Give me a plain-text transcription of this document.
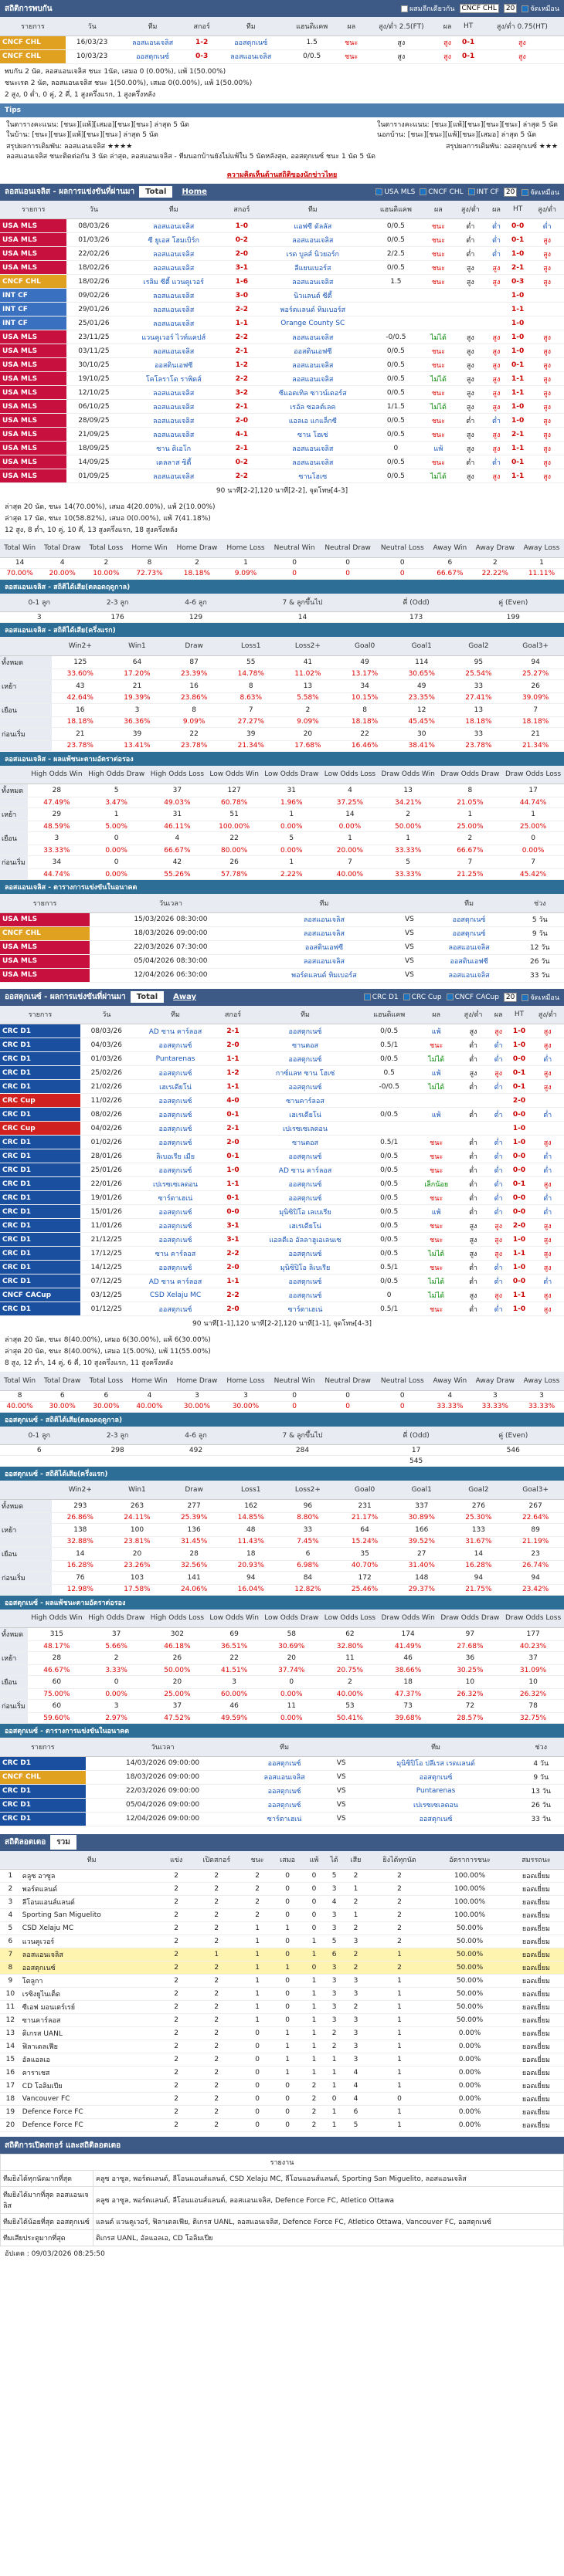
สถิติการพบกัน	ผสมลีกเดียวกัน	CNCF CHL	20	จัดเหมือน
รายการ	วัน	ทีม	สกอร์	ทีม	แฮนดิแคพ	ผล	สูง/ต่ำ 2.5(FT)	ผล	HT	สูง/ต่ำ 0.75(HT)
CNCF CHL	16/03/23	ลอสแอนเจลิส	1-2	ออสตุกเนซ์	1.5	ชนะ	สูง	สูง	0-1	สูง
CNCF CHL	10/03/23	ออสตุกเนซ์	0-3	ลอสแอนเจลิส	0/0.5	ชนะ	สูง	สูง	0-1	สูง
พบกัน 2 นัด, ลอสแอนเจลิส ชนะ 1นัด, เสมอ 0 (0.00%), แพ้ 1(50.00%)
ชนะเรต 2 นัด, ลอสแอนเจลิส ชนะ 1(50.00%), เสมอ 0(0.00%), แพ้ 1(50.00%)
2 สูง, 0 ต่ำ, 0 คู่, 2 คี่, 1 สูงครึ่งแรก, 1 สูงครึ่งหลัง
Tips
ในตารางคะแนน: [ชนะ][แพ้][เสมอ][ชนะ][ชนะ] ล่าสุด 5 นัด
ในบ้าน: [ชนะ][ชนะ][แพ้][ชนะ][ชนะ] ล่าสุด 5 นัด
ในตารางคะแนน: [ชนะ][แพ้][ชนะ][ชนะ][ชนะ] ล่าสุด 5 นัด
นอกบ้าน: [ชนะ][ชนะ][แพ้][ชนะ][เสมอ] ล่าสุด 5 นัด
สรุปผลการเดิมพัน: ลอสแอนเจลิส ★★★★	สรุปผลการเดิมพัน: ออสตุกเนซ์ ★★★
ลอสแอนเจลิส ชนะติดต่อกัน 3 นัด ล่าสุด, ลอสแอนเจลิส - ทีมนอกบ้านยังไม่แพ้ใน 5 นัดหลังสุด, ออสตุกเนซ์ ชนะ 1 นัด 5 นัด
ความคิดเห็นด้านสถิติของนักข่าวไทย
ลอสแอนเจลิส - ผลการแข่งขันที่ผ่านมา	Total	Home	USA MLS	CNCF CHL	INT CF	20	จัดเหมือน
รายการ	วัน	ทีม	สกอร์	ทีม	แฮนดิแคพ	ผล	สูง/ต่ำ	ผล	HT	สูง/ต่ำ
USA MLS	08/03/26	ลอสแอนเจลิส	1-0	แอฟซี ดัลลัส	0/0.5	ชนะ	ต่ำ	ต่ำ	0-0	ต่ำ
USA MLS	01/03/26	ซี ยูเอส โฮมเบิร์ก	0-2	ลอสแอนเจลิส	0/0.5	ชนะ	ต่ำ	ต่ำ	0-1	สูง
USA MLS	22/02/26	ลอสแอนเจลิส	2-0	เรด บูลส์ นิวยอร์ก	2/2.5	ชนะ	ต่ำ	ต่ำ	1-0	สูง
USA MLS	18/02/26	ลอสแอนเจลิส	3-1	ลีแยนเบอร์ส	0/0.5	ชนะ	สูง	สูง	2-1	สูง
CNCF CHL	18/02/26	เรลิม ซีตี้ แวนคูเวอร์	1-6	ลอสแอนเจลิส	1.5	ชนะ	สูง	สูง	0-3	สูง
INT CF	09/02/26	ลอสแอนเจลิส	3-0	นิวแลนด์ ซีตี้					1-0	
INT CF	29/01/26	ลอสแอนเจลิส	2-2	พอร์ตแลนด์ ทิมเบอร์ส					1-1	
INT CF	25/01/26	ลอสแอนเจลิส	1-1	Orange County SC					1-0	
USA MLS	23/11/25	แวนคูเวอร์ ไวท์แคปส์	2-2	ลอสแอนเจลิส	-0/0.5	ไม่ได้	สูง	สูง	1-0	สูง
USA MLS	03/11/25	ลอสแอนเจลิส	2-1	ออสตินเอฟซี	0/0.5	ชนะ	สูง	สูง	1-0	สูง
USA MLS	30/10/25	ออสตินเอฟซี	1-2	ลอสแอนเจลิส	0/0.5	ชนะ	สูง	สูง	0-1	สูง
USA MLS	19/10/25	โคโลราโด ราพิดส์	2-2	ลอสแอนเจลิส	0/0.5	ไม่ได้	สูง	สูง	1-1	สูง
USA MLS	12/10/25	ลอสแอนเจลิส	3-2	ซีแอตเทิล ซาวน์เดอร์ส	0/0.5	ชนะ	สูง	สูง	1-1	สูง
USA MLS	06/10/25	ลอสแอนเจลิส	2-1	เรอัล ซอลต์เลค	1/1.5	ไม่ได้	สูง	สูง	1-0	สูง
USA MLS	28/09/25	ลอสแอนเจลิส	2-0	แอลเอ แกแล็กซี	0/0.5	ชนะ	ต่ำ	ต่ำ	1-0	สูง
USA MLS	21/09/25	ลอสแอนเจลิส	4-1	ซาน โฮเซ่	0/0.5	ชนะ	สูง	สูง	2-1	สูง
USA MLS	18/09/25	ซาน ดิเอโก	2-1	ลอสแอนเจลิส	0	แพ้	สูง	สูง	1-1	สูง
USA MLS	14/09/25	เดลลาส ซิตี้	0-2	ลอสแอนเจลิส	0/0.5	ชนะ	ต่ำ	ต่ำ	0-1	สูง
USA MLS	01/09/25	ลอสแอนเจลิส	2-2	ซานโฮเซ	0/0.5	ไม่ได้	สูง	สูง	1-1	สูง
90 นาที[2-2],120 นาที[2-2], จุดโทษ[4-3]
ล่าสุด 20 นัด, ชนะ 14(70.00%), เสมอ 4(20.00%), แพ้ 2(10.00%)
ล่าสุด 17 นัด, ชนะ 10(58.82%), เสมอ 0(0.00%), แพ้ 7(41.18%)
12 สูง, 8 ต่ำ, 10 คู่, 10 คี่, 13 สูงครึ่งแรก, 18 สูงครึ่งหลัง
Total Win	Total Draw	Total Loss	Home Win	Home Draw	Home Loss	Neutral Win	Neutral Draw	Neutral Loss	Away Win	Away Draw	Away Loss
14	4	2	8	2	1	0	0	0	6	2	1
70.00%	20.00%	10.00%	72.73%	18.18%	9.09%	0	0	0	66.67%	22.22%	11.11%
ลอสแอนเจลิส - สถิติได้เสีย(ตลอดฤดูกาล)
0-1 ลูก	2-3 ลูก	4-6 ลูก	7 & ลูกขึ้นไป	คี่ (Odd)	คู่ (Even)
3	176	129	14	173	199
ลอสแอนเจลิส - สถิติได้เสีย(ครึ่งแรก)
	Win2+	Win1	Draw	Loss1	Loss2+	Goal0	Goal1	Goal2	Goal3+
ทั้งหมด	125	64	87	55	41	49	114	95	94
	33.60%	17.20%	23.39%	14.78%	11.02%	13.17%	30.65%	25.54%	25.27%
เหย้า	43	21	16	8	13	34	49	33	26
	42.64%	19.39%	23.86%	8.63%	5.58%	10.15%	23.35%	27.41%	39.09%
เยือน	16	3	8	7	2	8	12	13	7
	18.18%	36.36%	9.09%	27.27%	9.09%	18.18%	45.45%	18.18%	18.18%
ก่อนเริ่ม	21	39	22	39	20	22	30	33	21
	23.78%	13.41%	23.78%	21.34%	17.68%	16.46%	38.41%	23.78%	21.34%
ลอสแอนเจลิส - ผลแพ้ชนะตามอัตราต่อรอง
	High Odds Win	High Odds Draw	High Odds Loss	Low Odds Win	Low Odds Draw	Low Odds Loss	Draw Odds Win	Draw Odds Draw	Draw Odds Loss
ทั้งหมด	28	5	37	127	31	4	13	8	17
	47.49%	3.47%	49.03%	60.78%	1.96%	37.25%	34.21%	21.05%	44.74%
เหย้า	29	1	31	51	1	14	2	1	1
	48.59%	5.00%	46.11%	100.00%	0.00%	0.00%	50.00%	25.00%	25.00%
เยือน	3	0	4	22	5	1	1	2	0
	33.33%	0.00%	66.67%	80.00%	0.00%	20.00%	33.33%	66.67%	0.00%
ก่อนเริ่ม	34	0	42	26	1	7	5	7	7
	44.74%	0.00%	55.26%	57.78%	2.22%	40.00%	33.33%	21.25%	45.42%
ลอสแอนเจลิส - ตารางการแข่งขันในอนาคต
รายการ	วันเวลา	ทีม		ทีม	ช่วง
USA MLS	15/03/2026 08:30:00	ลอสแอนเจลิส	VS	ออสตุกเนซ์	5 วัน
CNCF CHL	18/03/2026 09:00:00	ลอสแอนเจลิส	VS	ออสตุกเนซ์	9 วัน
USA MLS	22/03/2026 07:30:00	ออสตินเอฟซี	VS	ลอสแอนเจลิส	12 วัน
USA MLS	05/04/2026 08:30:00	ลอสแอนเจลิส	VS	ออสตินเอฟซี	26 วัน
USA MLS	12/04/2026 06:30:00	พอร์ตแลนด์ ทิมเบอร์ส	VS	ลอสแอนเจลิส	33 วัน
ออสตุกเนซ์ - ผลการแข่งขันที่ผ่านมา	Total	Away	CRC D1	CRC Cup	CNCF CACup	20	จัดเหมือน
รายการ	วัน	ทีม	สกอร์	ทีม	แฮนดิแคพ	ผล	สูง/ต่ำ	ผล	HT	สูง/ต่ำ
CRC D1	08/03/26	AD ซาน คาร์ลอส	2-1	ออสตุกเนซ์	0/0.5	แพ้	สูง	สูง	1-0	สูง
CRC D1	04/03/26	ออสตุกเนซ์	2-0	ซานตอส	0.5/1	ชนะ	ต่ำ	ต่ำ	1-0	สูง
CRC D1	01/03/26	Puntarenas	1-1	ออสตุกเนซ์	0/0.5	ไม่ได้	ต่ำ	ต่ำ	0-0	ต่ำ
CRC D1	25/02/26	ออสตุกเนซ์	1-2	กาซ์แลท ซาน โฮเซ่	0.5	แพ้	สูง	สูง	0-1	สูง
CRC D1	21/02/26	เฮเรเดียโน่	1-1	ออสตุกเนซ์	-0/0.5	ไม่ได้	ต่ำ	ต่ำ	0-1	สูง
CRC Cup	11/02/26	ออสตุกเนซ์	4-0	ซานคาร์ลอส					2-0	
CRC D1	08/02/26	ออสตุกเนซ์	0-1	เฮเรเดียโน่	0/0.5	แพ้	ต่ำ	ต่ำ	0-0	ต่ำ
CRC Cup	04/02/26	ออสตุกเนซ์	2-1	เปเรซเซเลดอน					1-0	
CRC D1	01/02/26	ออสตุกเนซ์	2-0	ซานตอส	0.5/1	ชนะ	ต่ำ	ต่ำ	1-0	สูง
CRC D1	28/01/26	ลิเบอเรีย เมีย	0-1	ออสตุกเนซ์	0/0.5	ชนะ	ต่ำ	ต่ำ	0-0	ต่ำ
CRC D1	25/01/26	ออสตุกเนซ์	1-0	AD ซาน คาร์ลอส	0/0.5	ชนะ	ต่ำ	ต่ำ	0-0	ต่ำ
CRC D1	22/01/26	เปเรซเซเลดอน	1-1	ออสตุกเนซ์	0/0.5	เล็กน้อย	ต่ำ	ต่ำ	0-1	สูง
CRC D1	19/01/26	ซาร์ตาเฮเน่	0-1	ออสตุกเนซ์	0/0.5	ชนะ	ต่ำ	ต่ำ	0-0	ต่ำ
CRC D1	15/01/26	ออสตุกเนซ์	0-0	มุนิซิปิโอ เลเบเรีย	0/0.5	แพ้	ต่ำ	ต่ำ	0-0	ต่ำ
CRC D1	11/01/26	ออสตุกเนซ์	3-1	เฮเรเดียโน่	0/0.5	ชนะ	สูง	สูง	2-0	สูง
CRC D1	21/12/25	ออสตุกเนซ์	3-1	แอลดีเอ อัลลาฮูเอเลนเซ	0/0.5	ชนะ	สูง	สูง	1-0	สูง
CRC D1	17/12/25	ซาน คาร์ลอส	2-2	ออสตุกเนซ์	0/0.5	ไม่ได้	สูง	สูง	1-1	สูง
CRC D1	14/12/25	ออสตุกเนซ์	2-0	มุนิซิปิโอ ลิเบเรีย	0.5/1	ชนะ	ต่ำ	ต่ำ	1-0	สูง
CRC D1	07/12/25	AD ซาน คาร์ลอส	1-1	ออสตุกเนซ์	0/0.5	ไม่ได้	ต่ำ	ต่ำ	0-0	ต่ำ
CNCF CACup	03/12/25	CSD Xelaju MC	2-2	ออสตุกเนซ์	0	ไม่ได้	สูง	สูง	1-1	สูง
CRC D1	01/12/25	ออสตุกเนซ์	2-0	ซาร์ตาเฮเน่	0.5/1	ชนะ	ต่ำ	ต่ำ	1-0	สูง
90 นาที[1-1],120 นาที[2-2],120 นาที[1-1], จุดโทษ[4-3]
ล่าสุด 20 นัด, ชนะ 8(40.00%), เสมอ 6(30.00%), แพ้ 6(30.00%)
ล่าสุด 20 นัด, ชนะ 8(40.00%), เสมอ 1(5.00%), แพ้ 11(55.00%)
8 สูง, 12 ต่ำ, 14 คู่, 6 คี่, 10 สูงครึ่งแรก, 11 สูงครึ่งหลัง
Total Win	Total Draw	Total Loss	Home Win	Home Draw	Home Loss	Neutral Win	Neutral Draw	Neutral Loss	Away Win	Away Draw	Away Loss
8	6	6	4	3	3	0	0	0	4	3	3
40.00%	30.00%	30.00%	40.00%	30.00%	30.00%	0	0	0	33.33%	33.33%	33.33%
ออสตุกเนซ์ - สถิติได้เสีย(ตลอดฤดูกาล)
0-1 ลูก	2-3 ลูก	4-6 ลูก	7 & ลูกขึ้นไป	คี่ (Odd)	คู่ (Even)
6	298	492	284	17	546
				545	
ออสตุกเนซ์ - สถิติได้เสีย(ครึ่งแรก)
	Win2+	Win1	Draw	Loss1	Loss2+	Goal0	Goal1	Goal2	Goal3+
ทั้งหมด	293	263	277	162	96	231	337	276	267
	26.86%	24.11%	25.39%	14.85%	8.80%	21.17%	30.89%	25.30%	22.64%
เหย้า	138	100	136	48	33	64	166	133	89
	32.88%	23.81%	31.45%	11.43%	7.45%	15.24%	39.52%	31.67%	21.19%
เยือน	14	20	28	18	6	35	27	14	23
	16.28%	23.26%	32.56%	20.93%	6.98%	40.70%	31.40%	16.28%	26.74%
ก่อนเริ่ม	76	103	141	94	84	172	148	94	94
	12.98%	17.58%	24.06%	16.04%	12.82%	25.46%	29.37%	21.75%	23.42%
ออสตุกเนซ์ - ผลแพ้ชนะตามอัตราต่อรอง
	High Odds Win	High Odds Draw	High Odds Loss	Low Odds Win	Low Odds Draw	Low Odds Loss	Draw Odds Win	Draw Odds Draw	Draw Odds Loss
ทั้งหมด	315	37	302	69	58	62	174	97	177
	48.17%	5.66%	46.18%	36.51%	30.69%	32.80%	41.49%	27.68%	40.23%
เหย้า	28	2	26	22	20	11	46	36	37
	46.67%	3.33%	50.00%	41.51%	37.74%	20.75%	38.66%	30.25%	31.09%
เยือน	60	0	20	3	0	2	18	10	10
	75.00%	0.00%	25.00%	60.00%	0.00%	40.00%	47.37%	26.32%	26.32%
ก่อนเริ่ม	60	3	37	46	11	53	73	72	78
	59.60%	2.97%	47.52%	49.59%	0.00%	50.41%	39.68%	28.57%	32.75%
ออสตุกเนซ์ - ตารางการแข่งขันในอนาคต
รายการ	วันเวลา	ทีม		ทีม	ช่วง
CRC D1	14/03/2026 09:00:00	ออสตุกเนซ์	VS	มุนิซิปิโอ ปลีเรส เรดแลนด์	4 วัน
CNCF CHL	18/03/2026 09:00:00	ลอสแอนเจลิส	VS	ออสตุกเนซ์	9 วัน
CRC D1	22/03/2026 09:00:00	ออสตุกเนซ์	VS	Puntarenas	13 วัน
CRC D1	05/04/2026 09:00:00	ออสตุกเนซ์	VS	เปเรซเซเลดอน	26 วัน
CRC D1	12/04/2026 09:00:00	ซาร์ตาเฮเน่	VS	ออสตุกเนซ์	33 วัน
สถิติลอตเตอ	รวม
	ทีม	แข่ง	เปิดสกอร์	ชนะ	เสมอ	แพ้	ได้	เสีย	ยิงได้ทุกนัด	อัตราการชนะ	สมรรถนะ
1	คลูซ อาซูล	2	2	2	0	0	5	2	2	100.00%	ยอดเยี่ยม
2	พอร์ตแลนด์	2	2	2	0	0	3	1	2	100.00%	ยอดเยี่ยม
3	ลีโอนแอนส์แลนด์	2	2	2	0	0	4	2	2	100.00%	ยอดเยี่ยม
4	Sporting San Miguelito	2	2	2	0	0	3	1	2	100.00%	ยอดเยี่ยม
5	CSD Xelaju MC	2	2	1	1	0	3	2	2	50.00%	ยอดเยี่ยม
6	แวนคูเวอร์	2	2	1	0	1	5	3	2	50.00%	ยอดเยี่ยม
7	ลอสแอนเจลิส	2	1	1	0	1	6	2	1	50.00%	ยอดเยี่ยม
8	ออสตุกเนซ์	2	2	1	1	0	3	2	2	50.00%	ยอดเยี่ยม
9	โตลูกา	2	2	1	0	1	3	3	1	50.00%	ยอดเยี่ยม
10	เรซิงยูไนเต็ด	2	2	1	0	1	3	3	1	50.00%	ยอดเยี่ยม
11	ซีเอฟ มอนเตร์เรย์	2	2	1	0	1	3	2	1	50.00%	ยอดเยี่ยม
12	ซานคาร์ลอส	2	2	1	0	1	3	3	1	50.00%	ยอดเยี่ยม
13	ติเกรส UANL	2	2	0	1	1	2	3	1	0.00%	ยอดเยี่ยม
14	ฟิลาเดลเฟีย	2	2	0	1	1	2	3	1	0.00%	ยอดเยี่ยม
15	อัลแอลเอ	2	2	0	1	1	1	3	1	0.00%	ยอดเยี่ยม
16	คาราเชส	2	2	0	1	1	1	4	1	0.00%	ยอดเยี่ยม
17	CD โอลิมเปีย	2	2	0	0	2	1	4	1	0.00%	ยอดเยี่ยม
18	Vancouver FC	2	2	0	0	2	0	4	0	0.00%	ยอดเยี่ยม
19	Defence Force FC	2	2	0	0	2	1	6	1	0.00%	ยอดเยี่ยม
20	Defence Force FC	2	2	0	0	2	1	5	1	0.00%	ยอดเยี่ยม
สถิติการเปิดสกอร์ และสถิติลอตเตอ
รายงาน	
ทีมยิงได้ทุกนัดมากที่สุด	คลูซ อาซูล, พอร์ตแลนด์, ลีโอนแอนส์แลนด์, CSD Xelaju MC, ลีโอนแอนส์แลนด์, Sporting San Miguelito, ลอสแอนเจลิส
ทีมยิงได้มากที่สุด ลอสแอนเจลิส	คลูซ อาซูล, พอร์ตแลนด์, ลีโอนแอนส์แลนด์, ลอสแอนเจลิส, Defence Force FC, Atletico Ottawa
ทีมยิงได้น้อยที่สุด ออสตุกเนซ์	แลนด์ แวนคูเวอร์, ฟิลาเดลเฟีย, ติเกรส UANL, ลอสแอนเจลิส, Defence Force FC, Atletico Ottawa, Vancouver FC, ออสตุกเนซ์
ทีมเสียประตูมากที่สุด	ติเกรส UANL, อัลแอลเอ, CD โอลิมเปีย
อัปเดต : 09/03/2026 08:25:50
